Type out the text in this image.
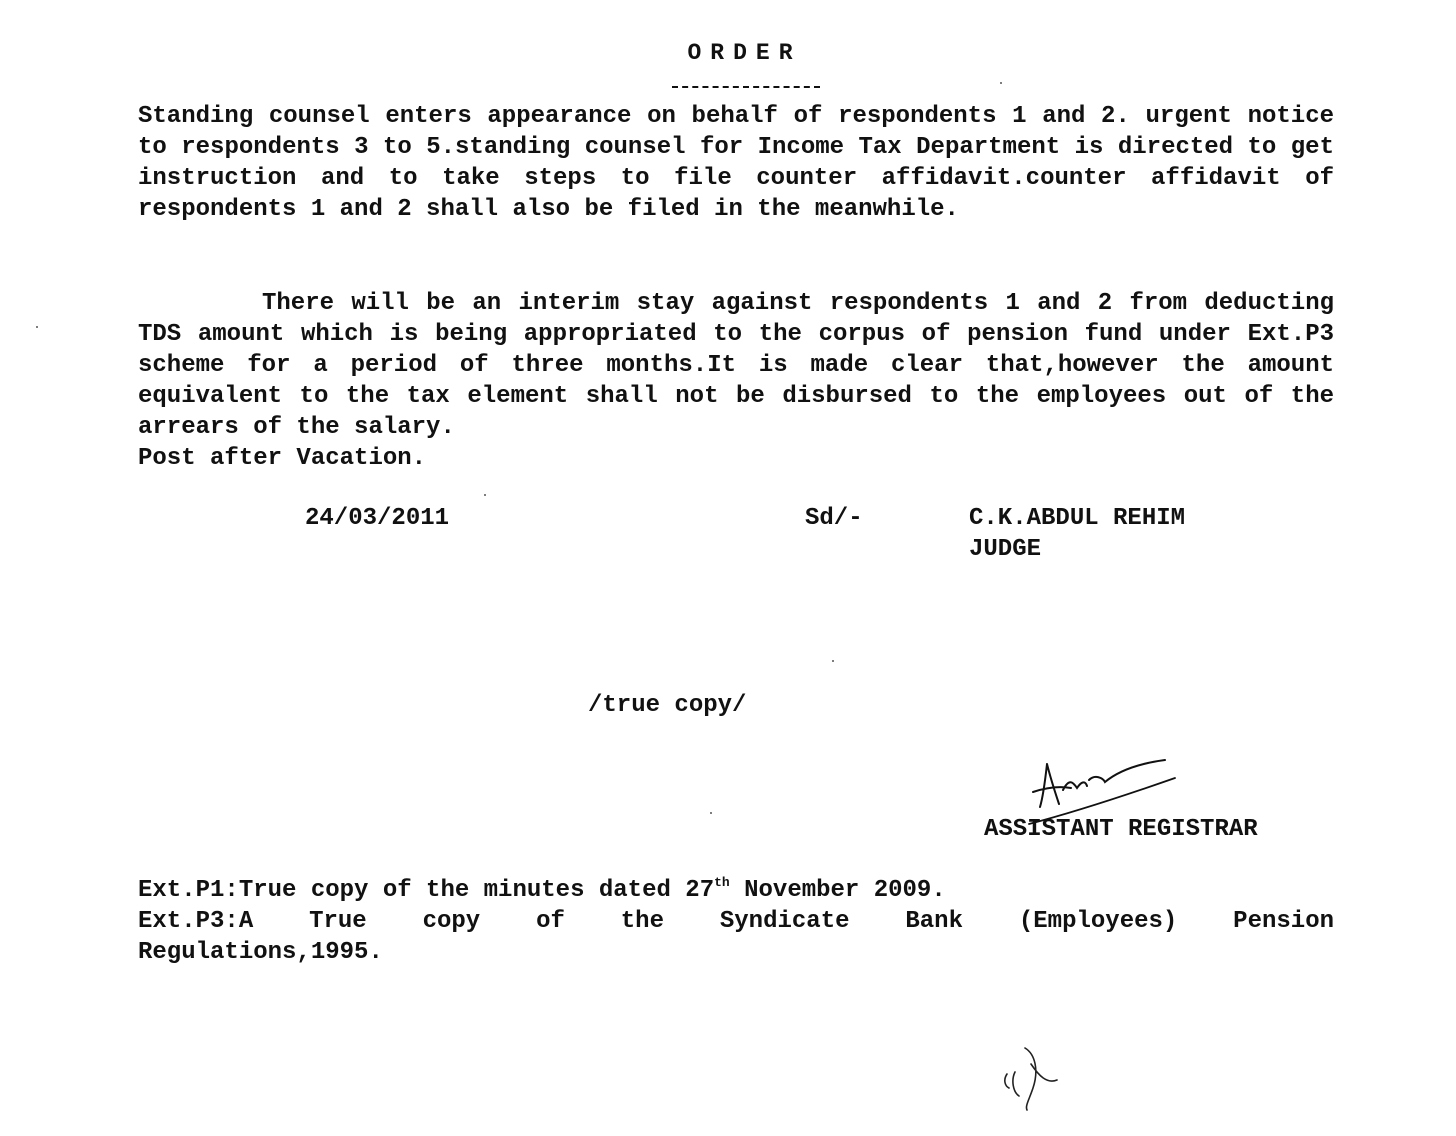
ORDER

Standing counsel enters appearance on behalf of respondents 1 and 2. urgent notice to respondents 3 to 5.standing counsel for Income Tax Department is directed to get instruction and to take steps to file counter affidavit.counter affidavit of respondents 1 and 2 shall also be filed in the meanwhile.

There will be an interim stay against respondents 1 and 2 from deducting TDS amount which is being appropriated to the corpus of pension fund under Ext.P3 scheme for a period of three months.It is made clear that,however the amount equivalent to the tax element shall not be disbursed to the employees out of the arrears of the salary.
Post after Vacation.

24/03/2011	Sd/-	C.K.ABDUL REHIM
JUDGE
/true copy/
ASSISTANT REGISTRAR
Ext.P1:True copy of the minutes dated 27th November 2009.
Ext.P3:A True copy of the Syndicate Bank (Employees) Pension
Regulations,1995.
